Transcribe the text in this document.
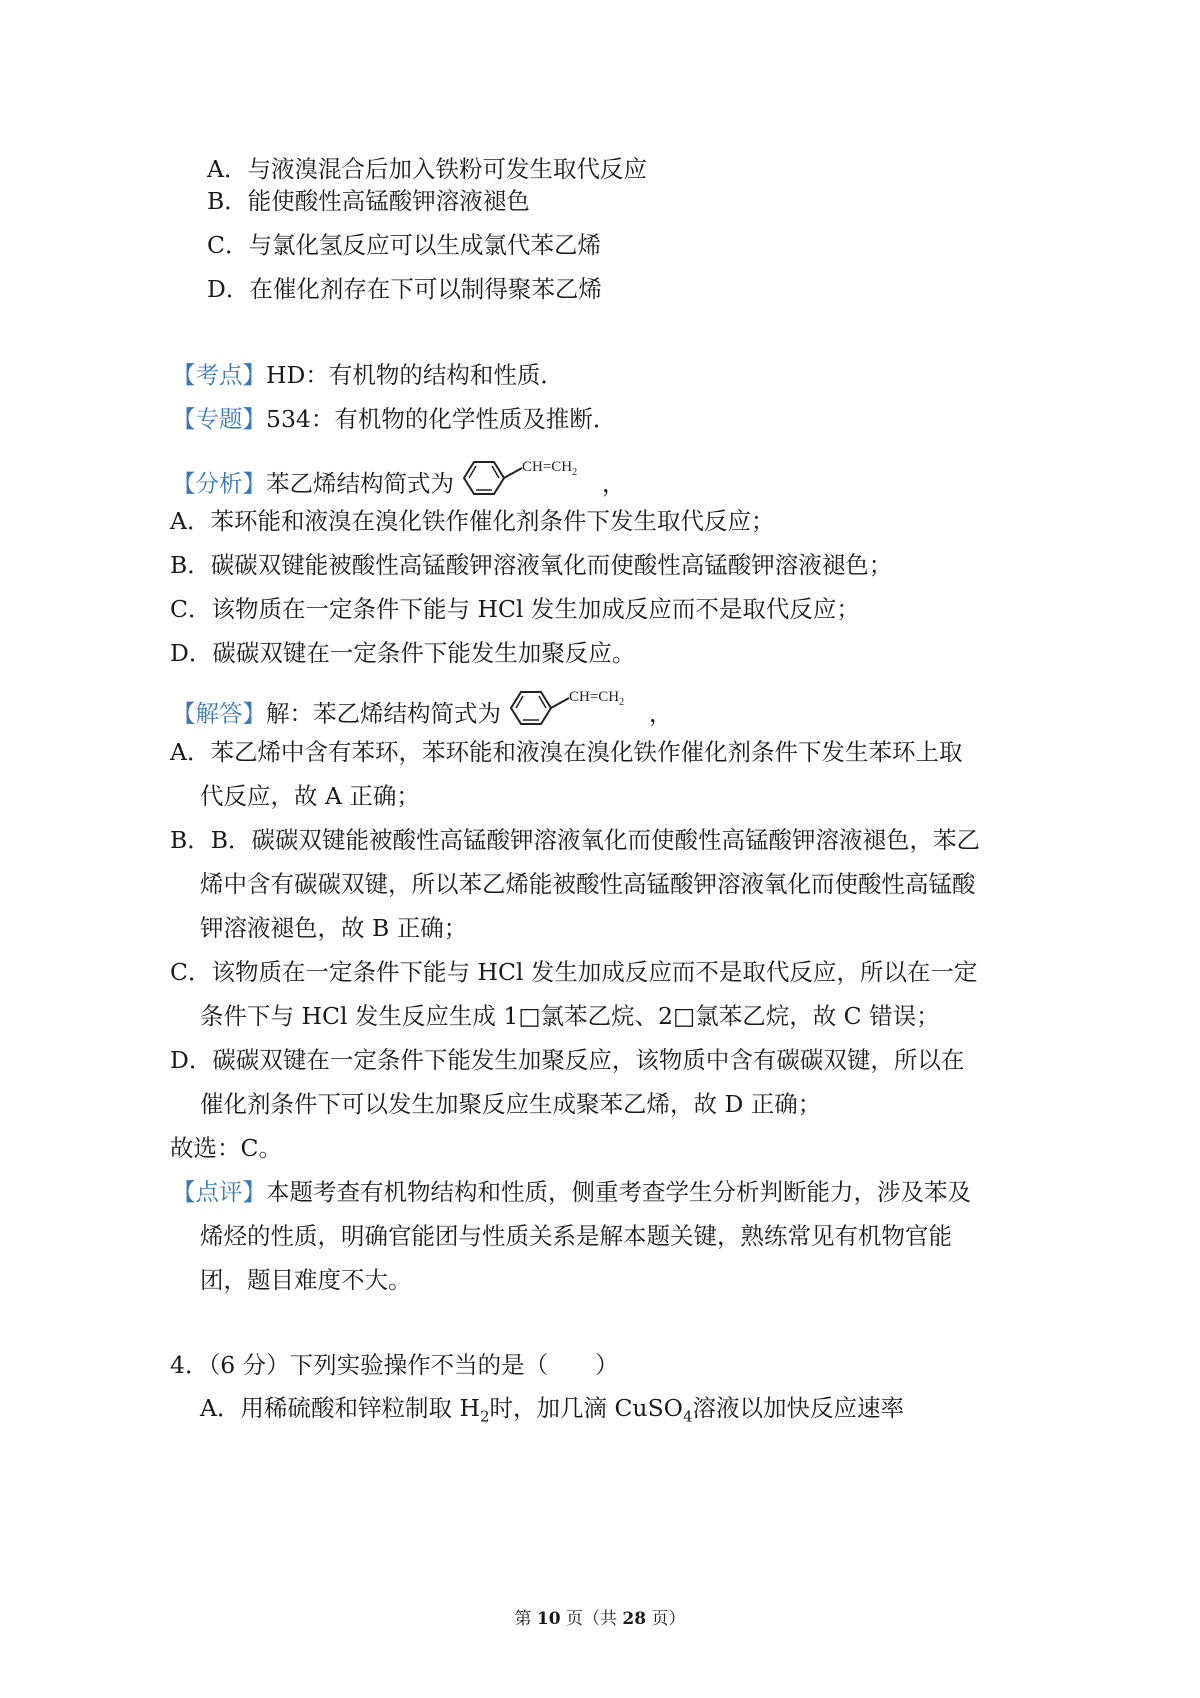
A．与液溴混合后加入铁粉可发生取代反应
B．能使酸性高锰酸钾溶液褪色
C．与氯化氢反应可以生成氯代苯乙烯
D．在催化剂存在下可以制得聚苯乙烯
【考点】HD：有机物的结构和性质．
【专题】534：有机物的化学性质及推断．
【分析】苯乙烯结构简式为
$CH=CH_2$ ，
A．苯环能和液溴在溴化铁作催化剂条件下发生取代反应；
B．碳碳双键能被酸性高锰酸钾溶液氧化而使酸性高锰酸钾溶液褪色；
C．该物质在一定条件下能与 HCl 发生加成反应而不是取代反应；
D．碳碳双键在一定条件下能发生加聚反应。
【解答】解：苯乙烯结构简式为
$CH=CH_2$ ，
A．苯乙烯中含有苯环，苯环能和液溴在溴化铁作催化剂条件下发生苯环上取
代反应，故 A 正确；
B．B．碳碳双键能被酸性高锰酸钾溶液氧化而使酸性高锰酸钾溶液褪色，苯乙
烯中含有碳碳双键，所以苯乙烯能被酸性高锰酸钾溶液氧化而使酸性高锰酸
钾溶液褪色，故 B 正确；
C．该物质在一定条件下能与 HCl 发生加成反应而不是取代反应，所以在一定
条件下与 HCl 发生反应生成 1□氯苯乙烷、2□氯苯乙烷，故 C 错误；
D．碳碳双键在一定条件下能发生加聚反应，该物质中含有碳碳双键，所以在
催化剂条件下可以发生加聚反应生成聚苯乙烯，故 D 正确；
故选：C。
【点评】本题考查有机物结构和性质，侧重考查学生分析判断能力，涉及苯及
烯烃的性质，明确官能团与性质关系是解本题关键，熟练常见有机物官能
团，题目难度不大。
4．（6 分）下列实验操作不当的是（　　）
A．用稀硫酸和锌粒制取 $H_2$时，加几滴 CuSO$_4$溶液以加快反应速率
第 10 页（共 28 页）
